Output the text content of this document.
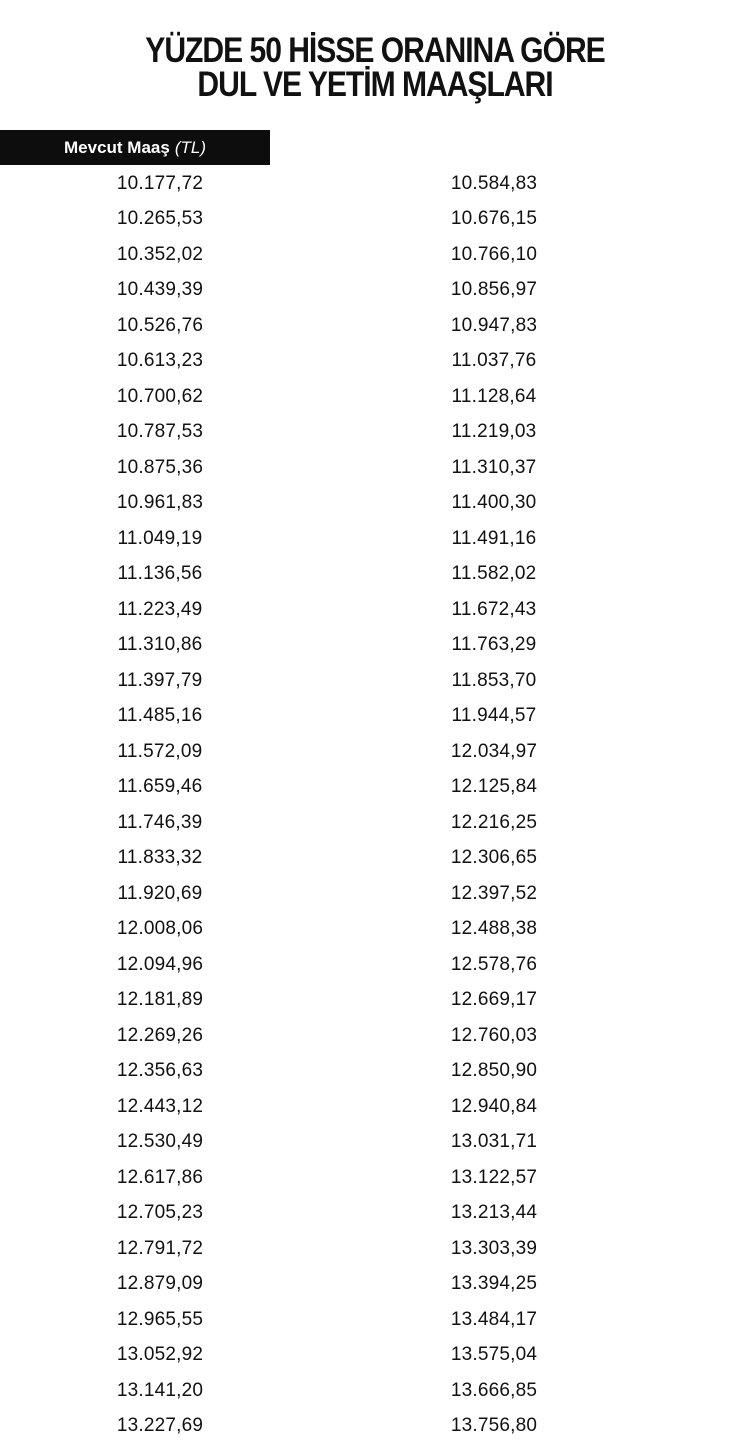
YÜZDE 50 HİSSE ORANINA GÖRE
DUL VE YETİM MAAŞLARI
Mevcut Maaş (TL)
10.177,72	10.584,83
10.265,53	10.676,15
10.352,02	10.766,10
10.439,39	10.856,97
10.526,76	10.947,83
10.613,23	11.037,76
10.700,62	11.128,64
10.787,53	11.219,03
10.875,36	11.310,37
10.961,83	11.400,30
11.049,19	11.491,16
11.136,56	11.582,02
11.223,49	11.672,43
11.310,86	11.763,29
11.397,79	11.853,70
11.485,16	11.944,57
11.572,09	12.034,97
11.659,46	12.125,84
11.746,39	12.216,25
11.833,32	12.306,65
11.920,69	12.397,52
12.008,06	12.488,38
12.094,96	12.578,76
12.181,89	12.669,17
12.269,26	12.760,03
12.356,63	12.850,90
12.443,12	12.940,84
12.530,49	13.031,71
12.617,86	13.122,57
12.705,23	13.213,44
12.791,72	13.303,39
12.879,09	13.394,25
12.965,55	13.484,17
13.052,92	13.575,04
13.141,20	13.666,85
13.227,69	13.756,80
